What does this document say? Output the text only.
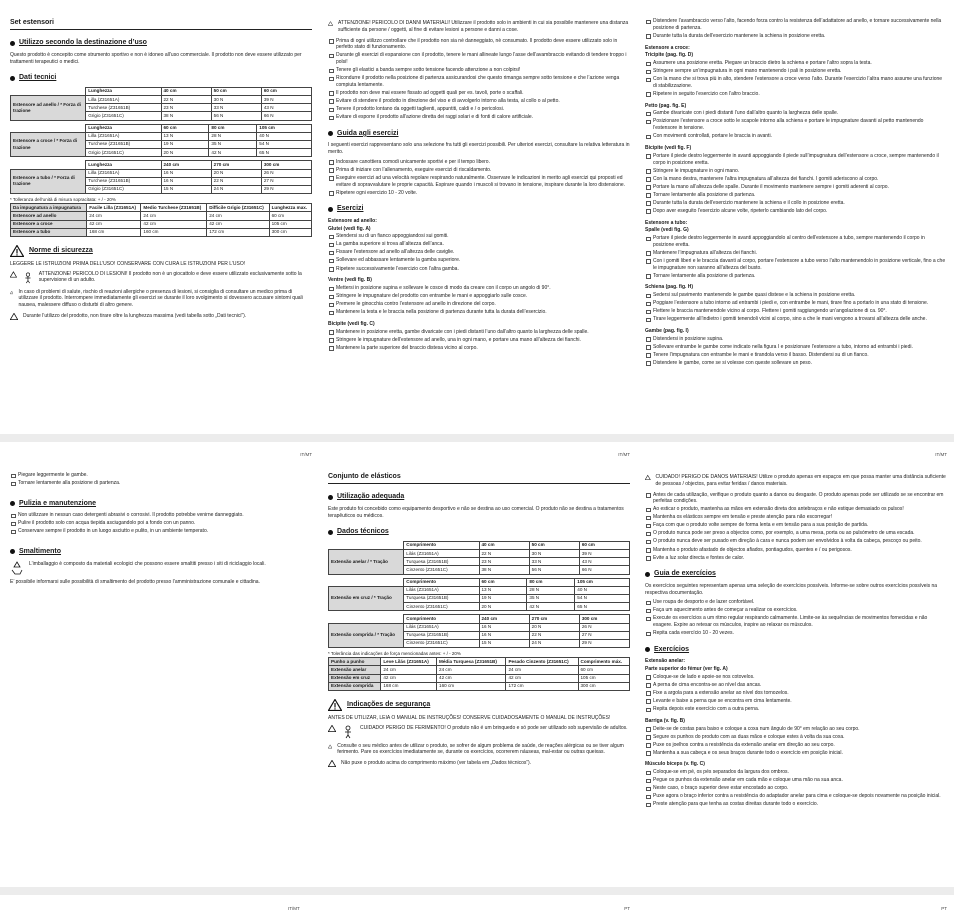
Set estensori
Utilizzo secondo la destinazione d’uso

Questo prodotto è concepito come strumento sportivo e non è idoneo all’uso commerciale. Il prodotto non deve essere utilizzato per trattamenti terapeutici o medici.

Dati tecnici
	Lunghezza	40 cm	50 cm	60 cm
Estensore ad anello / * Forza di trazione	Lilla (Z31651A)	22 N	30 N	39 N
	Turchese (Z31651B)	23 N	33 N	43 N
	Grigio (Z31651C)	38 N	56 N	66 N
	Lunghezza	60 cm	80 cm	105 cm
Estensore a croce / * Forza di trazione	Lilla (Z31651A)	13 N	28 N	40 N
	Turchese (Z31651B)	19 N	35 N	54 N
	Grigio (Z31651C)	20 N	42 N	65 N
	Lunghezza	240 cm	270 cm	300 cm
Estensore a tubo / * Forza di trazione	Lilla (Z31651A)	16 N	20 N	26 N
	Turchese (Z31651B)	16 N	22 N	27 N
	Grigio (Z31651C)	15 N	24 N	29 N
* Tolleranza dell’unità di misura sopracitata: + / - 20%
Da impugnatura a impugnatura	Facile Lilla (Z31651A)	Medio Turchese (Z31651B)	Difficile Grigio (Z31651C)	Lunghezza max.
Estensore ad anello	24 cm	24 cm	24 cm	60 cm
Estensore a croce	42 cm	42 cm	42 cm	105 cm
Estensore a tubo	168 cm	160 cm	172 cm	300 cm
Norme di sicurezza

LEGGERE LE ISTRUZIONI PRIMA DELL’USO! CONSERVARE CON CURA LE ISTRUZIONI PER L’USO!

ATTENZIONE! PERICOLO DI LESIONI! Il prodotto non è un giocattolo e deve essere utilizzato esclusivamente sotto la supervisione di un adulto.
In caso di problemi di salute, rischio di reazioni allergiche o presenza di lesioni, si consiglia di consultare un medico prima di utilizzare il prodotto. Interrompere immediatamente gli esercizi se durante il loro svolgimento si dovessero accusare sintomi quali nausea, malessere diffuso o disturbi di altro genere.
Durante l’utilizzo del prodotto, non tirare oltre la lunghezza massima (vedi tabella sotto „Dati tecnici“).
IT/MT
ATTENZIONE! PERICOLO DI DANNI MATERIALI! Utilizzare il prodotto solo in ambienti in cui sia possibile mantenere una distanza sufficiente da persone / oggetti, al fine di evitare lesioni a persone e danni a cose.
Prima di ogni utilizzo controllare che il prodotto non sia nè danneggiato, nè consumato. Il prodotto deve essere utilizzato solo in perfetto stato di funzionamento.
Durante gli esercizi di espansione con il prodotto, tenere le mani allineate lungo l’asse dell’avambraccio evitando di tendere troppo i polsi!
Tenere gli elastici a banda sempre sotto tensione facendo attenzione a non colpirsi!
Ricondurre il prodotto nella posizione di partenza assicurandosi che questo rimanga sempre sotto tensione e che l’azione venga compiuta lentamente.
Il prodotto non deve mai essere fissato ad oggetti quali per es. tavoli, porte o scaffali.
Evitare di stendere il prodotto in direzione del viso e di avvolgerlo intorno alla testa, al collo o al petto.
Tenere il prodotto lontano da oggetti taglienti, appuntiti, caldi e / o pericolosi.
Evitare di esporre il prodotto all’azione diretta dei raggi solari e di fonti di calore artificiale.
Guida agli esercizi

I seguenti esercizi rappresentano solo una selezione fra tutti gli esercizi possibili. Per ulteriori esercizi, consultare la relativa letteratura in merito.

Indossare canottiera comodi unicamente sportivi e per il tempo libero.
Prima di iniziare con l’allenamento, eseguire esercizi di riscaldamento.
Eseguire esercizi ad una velocità regolare respirando naturalmente. Osservare le indicazioni in merito agli esercizi qui proposti ed evitare di sopravvalutare le proprie capacità. Espirare quando i muscoli si trovano in tensione, inspirare durante la loro distensione.
Ripetere ogni esercizio 10 - 20 volte.
Esercizi
Estensore ad anello:
Glutei (vedi fig. A)
Stendersi su di un fianco appoggiandosi sui gomiti.
La gamba superiore si trova all’altezza dell’anca.
Fissare l’estensore ad anello all’altezza delle caviglie.
Sollevare ed abbassare lentamente la gamba superiore.
Ripetere successivamente l’esercizio con l’altra gamba.
Ventre (vedi fig. B)
Mettersi in posizione supina e sollevare le cosce di modo da creare con il corpo un angolo di 90°.
Stringere le impugnature del prodotto con entrambe le mani e appoggiarlo sulle cosce.
Premere le ginocchia contro l’estensore ad anello in direzione del corpo.
Mantenere la testa e le braccia nella posizione di partenza durante tutta la durata dell’esercizio.
Bicipite (vedi fig. C)
Mantenere in posizione eretta, gambe divaricate con i piedi distanti l’uno dall’altro quanto la larghezza delle spalle.
Stringere le impugnature dell’estensore ad anello, una in ogni mano, e portare una mano all’altezza dei fianchi.
Mantenere la parte superiore del braccio distesa vicino al corpo.
IT/MT
Distendere l’avambraccio verso l’alto, facendo forza contro la resistenza dell’adattatore ad anello, e tornare successivamente nella posizione di partenza.
Durante tutta la durata dell’esercizio mantenere la schiena in posizione eretta.
Estensore a croce:
Tricipite (pag. fig. D)
Assumere una posizione eretta. Piegare un braccio dietro la schiena e portare l’altro sopra la testa.
Stringere sempre un’impugnatura in ogni mano mantenendo i pali in posizione eretta.
Con la mano che si trova più in alto, stendere l’estensore a croce verso l’alto. Durante l’esercizio l’altra mano assume una funzione di stabilizzazione.
Ripetere in seguito l’esercizio con l’altro braccio.
Petto (pag. fig. E)
Gambe divaricate con i piedi distanti l’uno dall’altro quanto la larghezza delle spalle.
Posizionare l’estensore a croce sotto le scapole intorno alla schiena e portare le impugnature davanti al petto mantenendo l’estensore in tensione.
Con movimenti controllati, portare le braccia in avanti.
Bicipite (vedi fig. F)
Portare il piede destro leggermente in avanti appoggiando il piede sull’impugnatura dell’estensore a croce, sempre mantenendo il corpo in posizione eretta.
Stringere le impugnature in ogni mano.
Con la mano destra, mantenere l’altra impugnatura all’altezza dei fianchi. I gomiti aderiscono al corpo.
Portare la mano all’altezza delle spalle. Durante il movimento mantenere sempre i gomiti aderenti al corpo.
Tornare lentamente alla posizione di partenza.
Durante tutta la durata dell’esercizio mantenere la schiena e il collo in posizione eretta.
Dopo aver eseguito l’esercizio alcune volte, ripeterlo cambiando lato del corpo.
Estensore a tubo:
Spalle (vedi fig. G)
Portare il piede destro leggermente in avanti appoggiandolo al centro dell’estensore a tubo, sempre mantenendo il corpo in posizione eretta.
Mantenere l’impugnatura all’altezza dei fianchi.
Con i gomiti liberi e le braccia davanti al corpo, portare l’estensore a tubo verso l’alto mantenendolo in posizione verticale, fino a che le impugnature non saranno all’altezza del busto.
Tornare lentamente alla posizione di partenza.
Schiena (pag. fig. H)
Sedersi sul pavimento mantenendo le gambe quasi distese e la schiena in posizione eretta.
Poggiare l’estensore a tubo intorno ad entrambi i piedi e, con entrambe le mani, tirare fino a portarlo in una stato di tensione.
Flettere le braccia mantenendole vicino al corpo. Flettere i gomiti raggiungendo un’angolazione di ca. 90°.
Tirare leggermente all’indietro i gomiti tenendoli vicini al corpo, sino a che le mani vengono a trovarsi all’altezza delle anche.
Gambe (pag. fig. I)
Distendersi in posizione supina.
Sollevare entrambe le gambe come indicato nella figura I e posizionare l’estensore a tubo, intorno ad entrambi i piedi.
Tenere l’impugnatura con entrambe le mani e tirandola verso il basso. Distendersi su di un fianco.
Distendere le gambe, come se si volesse con queste sollevare un peso.
IT/MT
Piegare leggermente le gambe.
Tornare lentamente alla posizione di partenza.
Pulizia e manutenzione
Non utilizzare in nessun caso detergenti abrasivi o corrosivi. Il prodotto potrebbe venirne danneggiato.
Pulire il prodotto solo con acqua tiepida asciugandolo poi a fondo con un panno.
Conservare sempre il prodotto in un luogo asciutto e pulito, in un ambiente temperato.
Smaltimento
L’imballaggio è composto da materiali ecologici che possono essere smaltiti presso i siti di riciclaggio locali.

E’ possibile informarsi sulle possibilità di smaltimento del prodotto presso l’amministrazione comunale e cittadina.

Conjunto de elásticos
Utilização adequada

Este produto foi concebido como equipamento desportivo e não se destina ao uso comercial. O produto não se destina a tratamentos terapêuticos ou médicos.

Dados técnicos
	Comprimento	40 cm	50 cm	60 cm
Extensão anelar / * Tração	Lilás (Z31651A)	22 N	30 N	39 N
	Turquesa (Z31651B)	23 N	33 N	43 N
	Cinzento (Z31651C)	38 N	56 N	66 N
	Comprimento	60 cm	80 cm	105 cm
Extensão em cruz / * Tração	Lilás (Z31651A)	13 N	28 N	40 N
	Turquesa (Z31651B)	19 N	35 N	54 N
	Cinzento (Z31651C)	20 N	42 N	65 N
	Comprimento	240 cm	270 cm	300 cm
Extensão comprida / * Tração	Lilás (Z31651A)	16 N	20 N	26 N
	Turquesa (Z31651B)	16 N	22 N	27 N
	Cinzento (Z31651C)	15 N	24 N	29 N
* Tolerância das indicações de força mencionadas antes: + / - 20%
Punho a punho	Leve Lilás (Z31651A)	Média Turquesa (Z31651B)	Pesado Cinzento (Z31651C)	Comprimento máx.
Extensão anelar	24 cm	24 cm	24 cm	60 cm
Extensão em cruz	42 cm	42 cm	42 cm	105 cm
Extensão comprida	168 cm	160 cm	172 cm	300 cm
Indicações de segurança

ANTES DE UTILIZAR, LEIA O MANUAL DE INSTRUÇÕES! CONSERVE CUIDADOSAMENTE O MANUAL DE INSTRUÇÕES!

CUIDADO! PERIGO DE FERIMENTO! O produto não é um brinquedo e só pode ser utilizado sob supervisão de adultos.
Consulte o seu médico antes de utilizar o produto, se sofrer de algum problema de saúde, de reações alérgicas ou se tiver algum ferimento. Pare os exercícios imediatamente se, durante os exercícios, ocorrerem náuseas, mal-estar ou outras queixas.
Não puxe o produto acima do comprimento máximo (ver tabela em „Dados técnicos“).
IT/MT	PT
CUIDADO! PERIGO DE DANOS MATERIAIS! Utilize o produto apenas em espaços em que possa manter uma distância suficiente de pessoas / objectos, para evitar feridas / danos materiais.
Antes de cada utilização, verifique o produto quanto a danos ou desgaste. O produto apenas pode ser utilizado se se encontrar em perfeitas condições.
Ao esticar o produto, mantenha as mãos em extensão direta dos antebraços e não estique demasiado os pulsos!
Mantenha os elásticos sempre em tensão e preste atenção para não escorregar!
Faça com que o produto volte sempre de forma lenta e em tensão para a sua posição de partida.
O produto nunca pode ser preso a objectos como, por exemplo, a uma mesa, porta ou ao pulsómetro de uma escada.
O produto nunca deve ser puxado em direção à cara e nunca podem ser envolvidos à volta da cabeça, pescoço ou peito.
Mantenha o produto afastado de objectos afiados, pontiagudos, quentes e / ou perigosos.
Evite a luz solar directa e fontes de calor.
Guia de exercícios

Os exercícios seguintes representam apenas uma seleção de exercícios possíveis. Informe-se sobre outros exercícios possíveis na respectiva documentação.

Use roupa de desporto e de lazer confortável.
Faça um aquecimento antes de começar a realizar os exercícios.
Execute os exercícios a um ritmo regular respirando calmamente. Limite-se às sequências de movimentos fornecidas e não exagere. Expire ao retesar os músculos, inspire ao relaxar os músculos.
Repita cada exercício 10 - 20 vezes.
Exercícios
Extensão anelar:
Parte superior do fémur (ver fig. A)
Coloque-se de lado e apoie-se nos cotovelos.
A perna de cima encontra-se ao nível das ancas.
Fixe a argola para a extensão anelar ao nível dos tornozelos.
Levante e baixe a perna que se encontra em cima lentamente.
Repita depois este exercício com a outra perna.
Barriga (v. fig. B)
Deite-se de costas para baixo e coloque a coxa num ângulo de 90° em relação ao seu corpo.
Segure os punhos do produto com as duas mãos e coloque estes à volta da sua coxa.
Puxe os joelhos contra a resistência da extensão anelar em direção ao seu corpo.
Mantenha a sua cabeça e os seus braços durante todo o exercício em posição inicial.
Músculo bíceps (v. fig. C)
Coloque-se em pé, os pés separados da largura dos ombros.
Pegue os punhos da extensão anelar em cada mão e coloque uma mão na sua anca.
Neste caso, o braço superior deve estar encostado ao corpo.
Puxe agora o braço inferior contra a resistência do adaptador anelar para cima e coloque-se depois novamente na posição inicial.
Preste atenção para que tenha as costas direitas durante todo o exercício.
PT
